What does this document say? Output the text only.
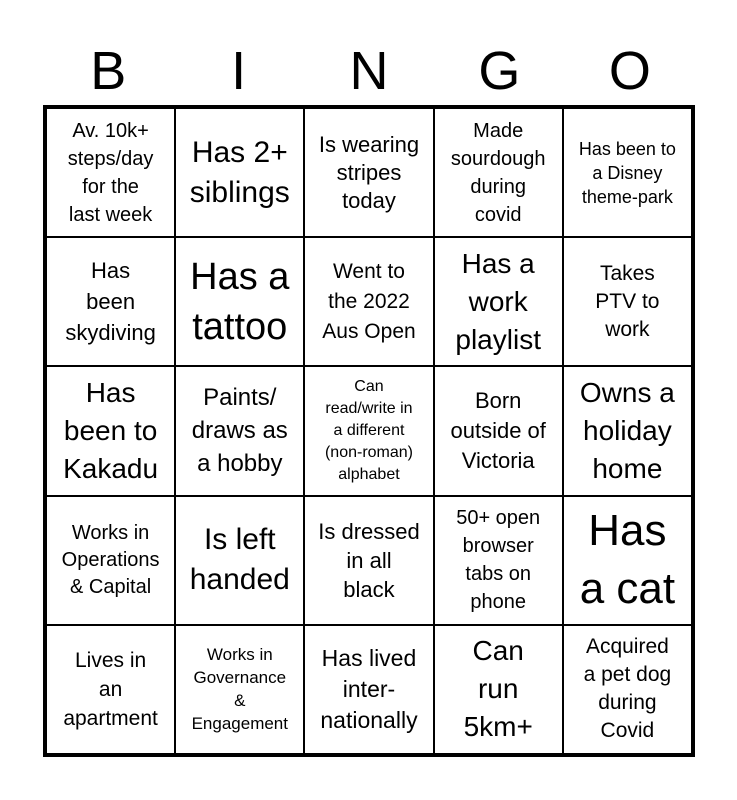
B	I	N	G	O
Av. 10k+
steps/day
for the
last week
Has 2+
siblings
Is wearing
stripes
today
Made
sourdough
during
covid
Has been to
a Disney
theme-park
Has
been
skydiving
Has a
tattoo
Went to
the 2022
Aus Open
Has a
work
playlist
Takes
PTV to
work
Has
been to
Kakadu
Paints/
draws as
a hobby
Can
read/write in
a different
(non-roman)
alphabet
Born
outside of
Victoria
Owns a
holiday
home
Works in
Operations
& Capital
Is left
handed
Is dressed
in all
black
50+ open
browser
tabs on
phone
Has
a cat
Lives in
an
apartment
Works in
Governance
&
Engagement
Has lived
inter-
nationally
Can
run
5km+
Acquired
a pet dog
during
Covid
